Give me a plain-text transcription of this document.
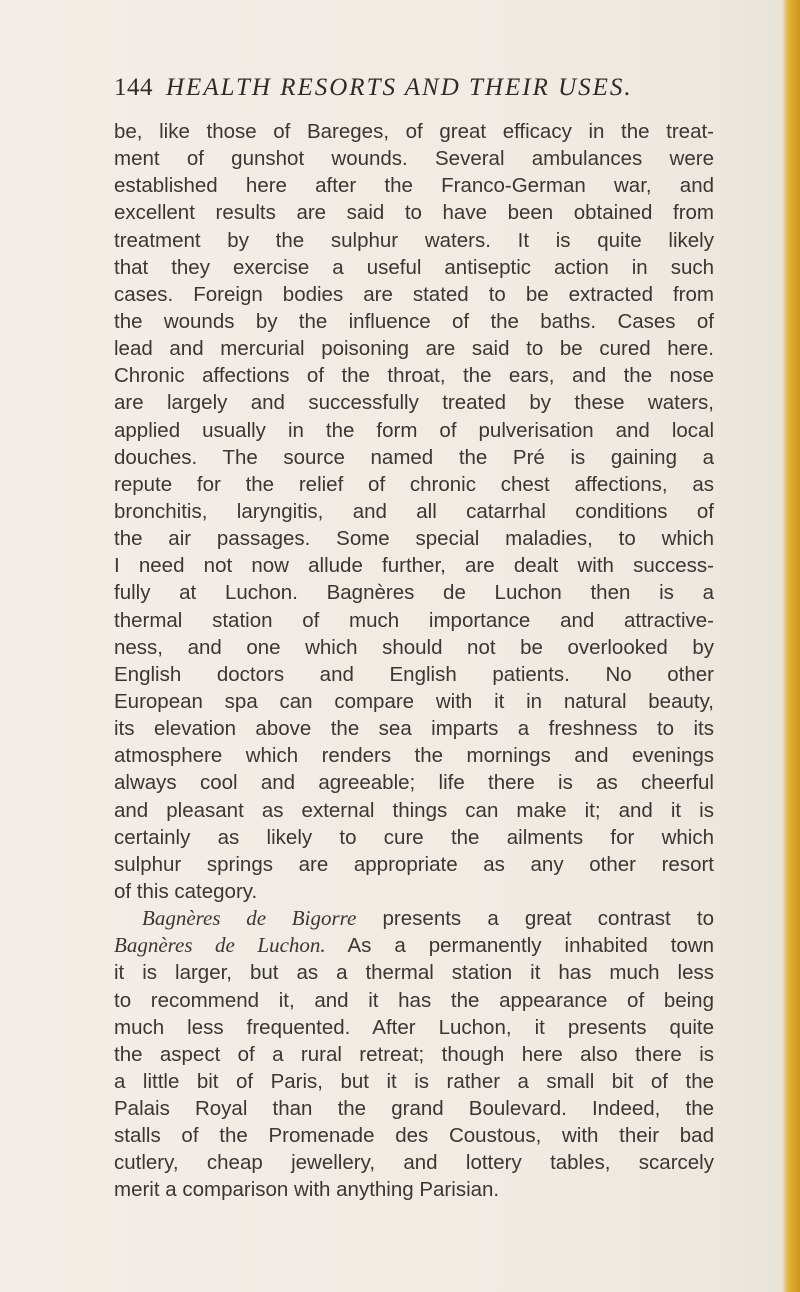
144 HEALTH RESORTS AND THEIR USES.
be, like those of Bareges, of great efficacy in the treat-
ment of gunshot wounds. Several ambulances were
established here after the Franco-German war, and
excellent results are said to have been obtained from
treatment by the sulphur waters. It is quite likely
that they exercise a useful antiseptic action in such
cases. Foreign bodies are stated to be extracted from
the wounds by the influence of the baths. Cases of
lead and mercurial poisoning are said to be cured here.
Chronic affections of the throat, the ears, and the nose
are largely and successfully treated by these waters,
applied usually in the form of pulverisation and local
douches. The source named the Pré is gaining a
repute for the relief of chronic chest affections, as
bronchitis, laryngitis, and all catarrhal conditions of
the air passages. Some special maladies, to which
I need not now allude further, are dealt with success-
fully at Luchon. Bagnères de Luchon then is a
thermal station of much importance and attractive-
ness, and one which should not be overlooked by
English doctors and English patients. No other
European spa can compare with it in natural beauty,
its elevation above the sea imparts a freshness to its
atmosphere which renders the mornings and evenings
always cool and agreeable; life there is as cheerful
and pleasant as external things can make it; and it is
certainly as likely to cure the ailments for which
sulphur springs are appropriate as any other resort
of this category.
Bagnères de Bigorre presents a great contrast to
Bagnères de Luchon. As a permanently inhabited town
it is larger, but as a thermal station it has much less
to recommend it, and it has the appearance of being
much less frequented. After Luchon, it presents quite
the aspect of a rural retreat; though here also there is
a little bit of Paris, but it is rather a small bit of the
Palais Royal than the grand Boulevard. Indeed, the
stalls of the Promenade des Coustous, with their bad
cutlery, cheap jewellery, and lottery tables, scarcely
merit a comparison with anything Parisian.
